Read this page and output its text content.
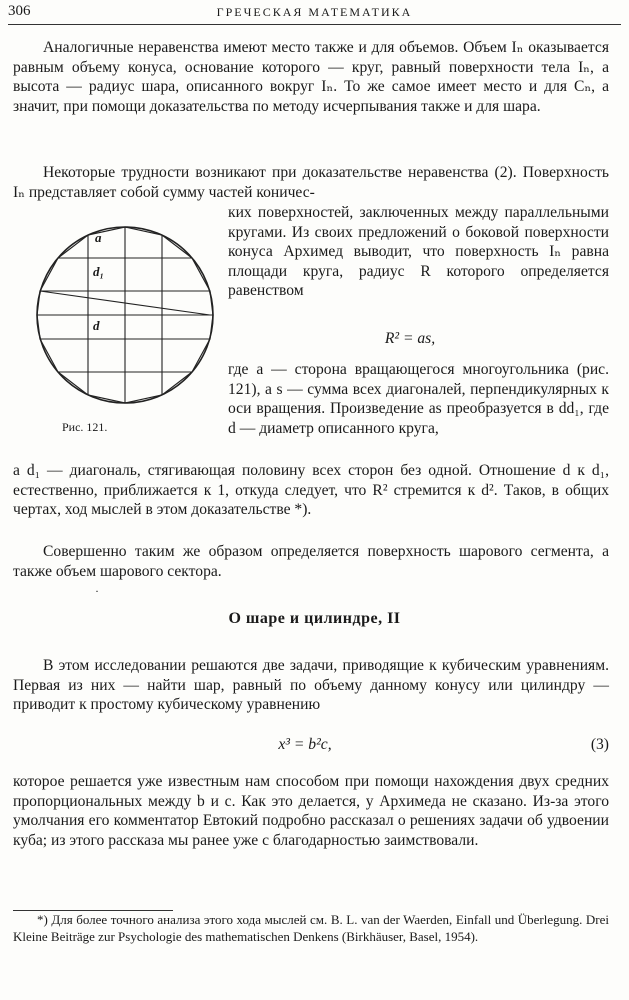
306	ГРЕЧЕСКАЯ МАТЕМАТИКА

Аналогичные неравенства имеют место также и для объемов. Объем Iₙ оказывается равным объему конуса, основание которого — круг, равный поверхности тела Iₙ, а высота — радиус шара, описанного вокруг Iₙ. То же самое имеет место и для Cₙ, а значит, при помощи доказательства по методу исчерпывания также и для шара.

Некоторые трудности возникают при доказательстве неравенства (2). Поверхность Iₙ представляет собой сумму частей коничес-

a
d₁
d
Рис. 121.

ких поверхностей, заключенных между параллельными кругами. Из своих предложений о боковой поверхности конуса Архимед выводит, что поверхность Iₙ равна площади круга, радиус R которого определяется равенством

R² = as,

где a — сторона вращающегося многоугольника (рис. 121), а s — сумма всех диагоналей, перпендикулярных к оси вращения. Произведение as преобразуется в dd₁, где d — диаметр описанного круга,

а d₁ — диагональ, стягивающая половину всех сторон без одной. Отношение d к d₁, естественно, приближается к 1, откуда следует, что R² стремится к d². Таков, в общих чертах, ход мыслей в этом доказательстве *).

Совершенно таким же образом определяется поверхность шарового сегмента, а также объем шарового сектора.

·
О шаре и цилиндре, II

В этом исследовании решаются две задачи, приводящие к кубическим уравнениям. Первая из них — найти шар, равный по объему данному конусу или цилиндру — приводит к простому кубическому уравнению

x³ = b²c,	(3)

которое решается уже известным нам способом при помощи нахождения двух средних пропорциональных между b и c. Как это делается, у Архимеда не сказано. Из-за этого умолчания его комментатор Евтокий подробно рассказал о решениях задачи об удвоении куба; из этого рассказа мы ранее уже с благодарностью заимствовали.

*) Для более точного анализа этого хода мыслей см. B. L. van der Waerden, Einfall und Überlegung. Drei Kleine Beiträge zur Psychologie des mathematischen Denkens (Birkhäuser, Basel, 1954).
